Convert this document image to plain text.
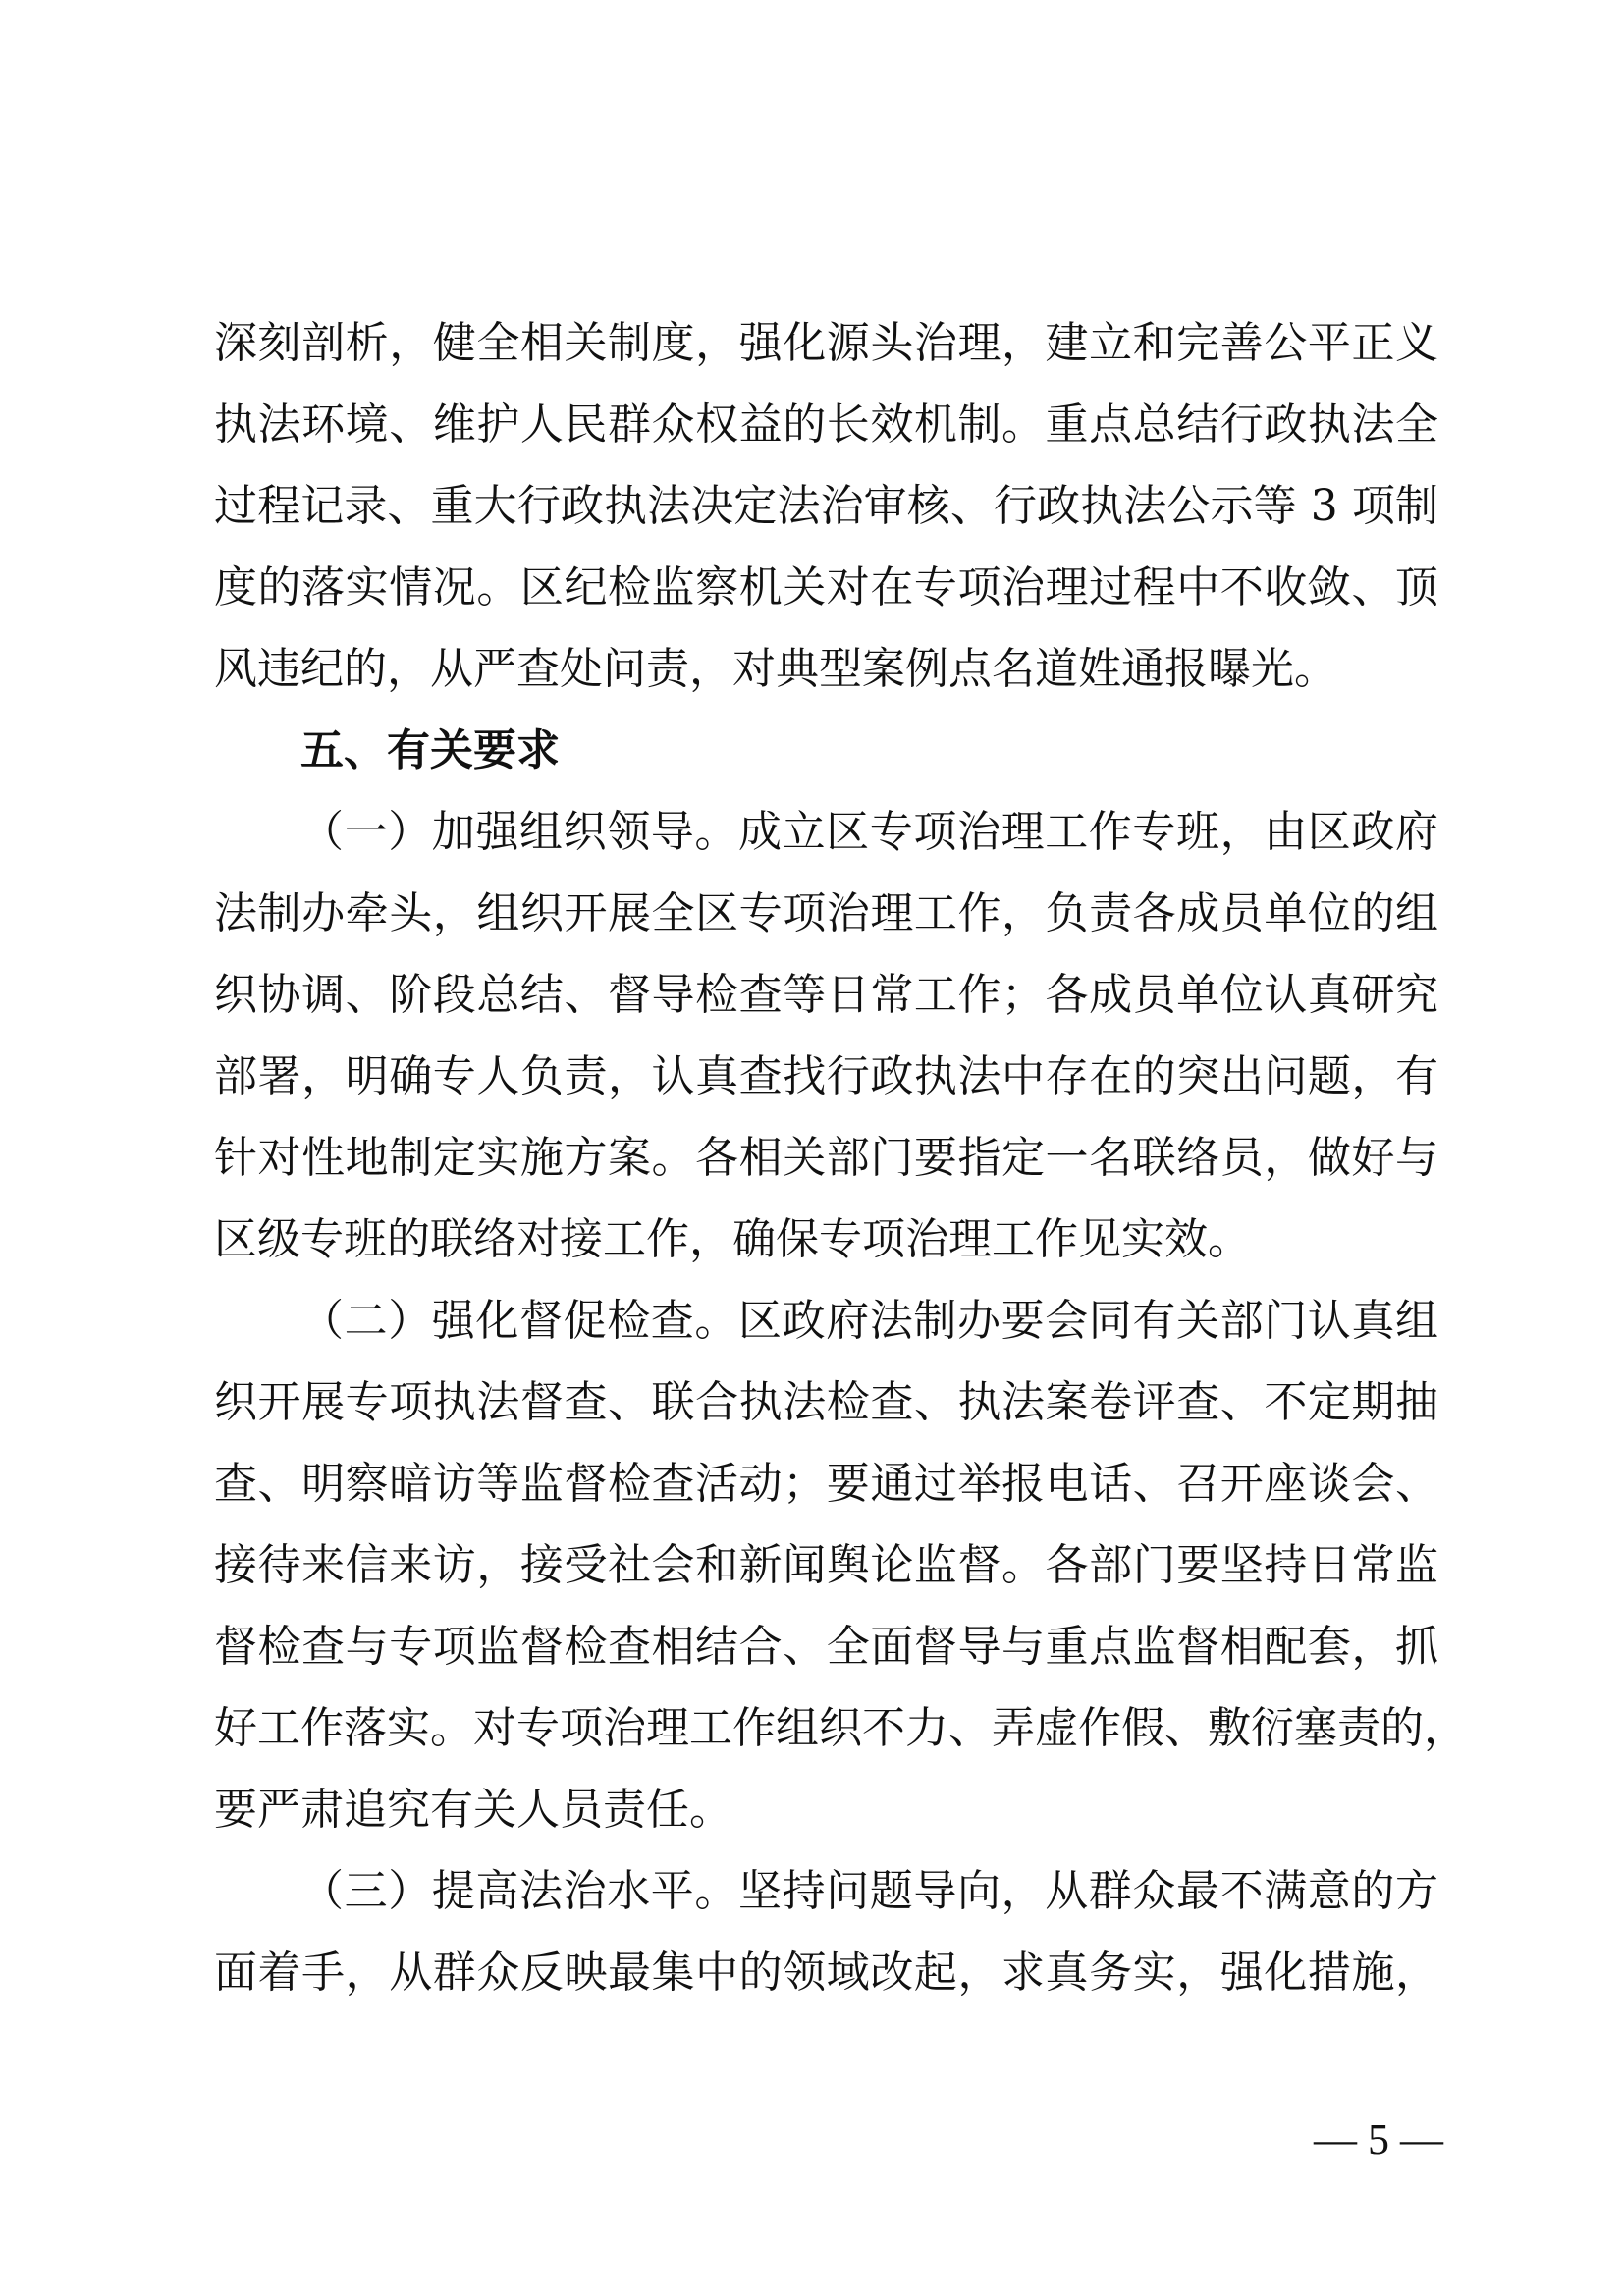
深刻剖析，健全相关制度，强化源头治理，建立和完善公平正义
执法环境、维护人民群众权益的长效机制。重点总结行政执法全
过程记录、重大行政执法决定法治审核、行政执法公示等 3 项制
度的落实情况。区纪检监察机关对在专项治理过程中不收敛、顶
风违纪的，从严查处问责，对典型案例点名道姓通报曝光。
五、有关要求
（一）加强组织领导。成立区专项治理工作专班，由区政府
法制办牵头，组织开展全区专项治理工作，负责各成员单位的组
织协调、阶段总结、督导检查等日常工作；各成员单位认真研究
部署，明确专人负责，认真查找行政执法中存在的突出问题，有
针对性地制定实施方案。各相关部门要指定一名联络员，做好与
区级专班的联络对接工作，确保专项治理工作见实效。
（二）强化督促检查。区政府法制办要会同有关部门认真组
织开展专项执法督查、联合执法检查、执法案卷评查、不定期抽
查、明察暗访等监督检查活动；要通过举报电话、召开座谈会、
接待来信来访，接受社会和新闻舆论监督。各部门要坚持日常监
督检查与专项监督检查相结合、全面督导与重点监督相配套，抓
好工作落实。对专项治理工作组织不力、弄虚作假、敷衍塞责的，
要严肃追究有关人员责任。
（三）提高法治水平。坚持问题导向，从群众最不满意的方
面着手，从群众反映最集中的领域改起，求真务实，强化措施，
— 5 —
